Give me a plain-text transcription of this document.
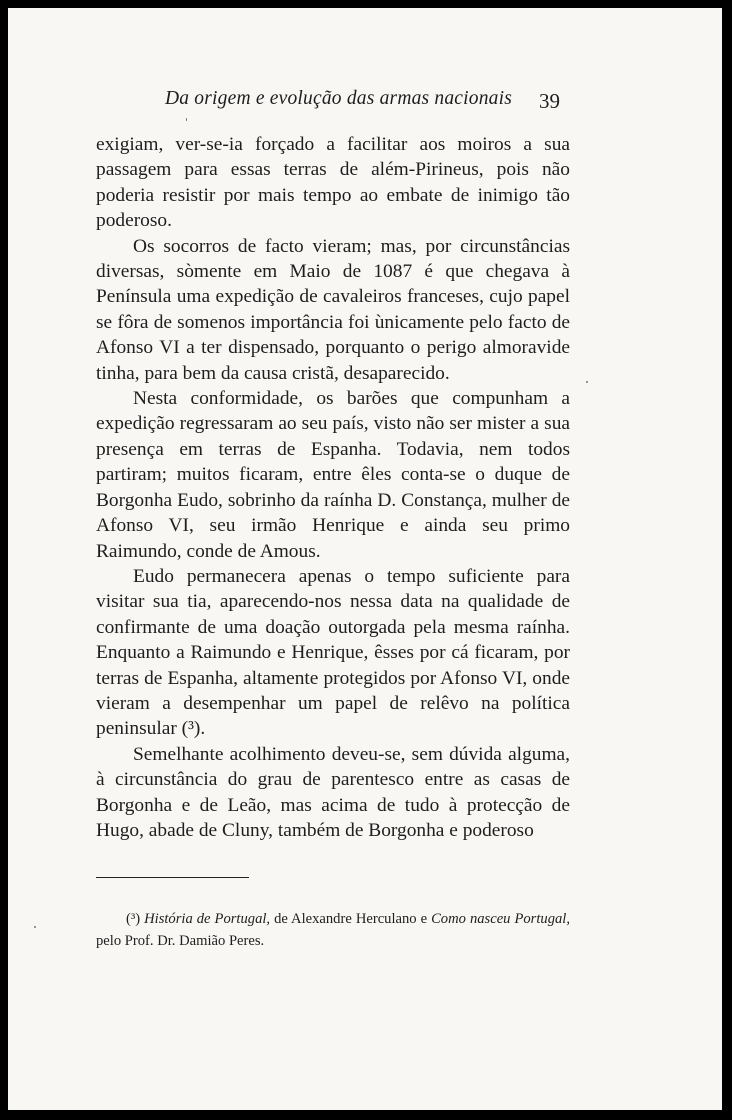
Da origem e evolução das armas nacionais 39

exigiam, ver-se-ia forçado a facilitar aos moiros a sua passagem para essas terras de além-Pirineus, pois não poderia resistir por mais tempo ao embate de inimigo tão poderoso.

Os socorros de facto vieram; mas, por circunstâncias diversas, sòmente em Maio de 1087 é que chegava à Península uma expedição de cavaleiros franceses, cujo papel se fôra de somenos importância foi ùnicamente pelo facto de Afonso VI a ter dispensado, porquanto o perigo almoravide tinha, para bem da causa cristã, desaparecido.

Nesta conformidade, os barões que compunham a expedição regressaram ao seu país, visto não ser mister a sua presença em terras de Espanha. Todavia, nem todos partiram; muitos ficaram, entre êles conta-se o duque de Borgonha Eudo, sobrinho da raínha D. Constança, mulher de Afonso VI, seu irmão Henrique e ainda seu primo Raimundo, conde de Amous.

Eudo permanecera apenas o tempo suficiente para visitar sua tia, aparecendo-nos nessa data na qualidade de confirmante de uma doação outorgada pela mesma raínha. Enquanto a Raimundo e Henrique, êsses por cá ficaram, por terras de Espanha, altamente protegidos por Afonso VI, onde vieram a desempenhar um papel de relêvo na política peninsular (³).

Semelhante acolhimento deveu-se, sem dúvida alguma, à circunstância do grau de parentesco entre as casas de Borgonha e de Leão, mas acima de tudo à protecção de Hugo, abade de Cluny, também de Borgonha e poderoso

(³) História de Portugal, de Alexandre Herculano e Como nasceu Portugal, pelo Prof. Dr. Damião Peres.
